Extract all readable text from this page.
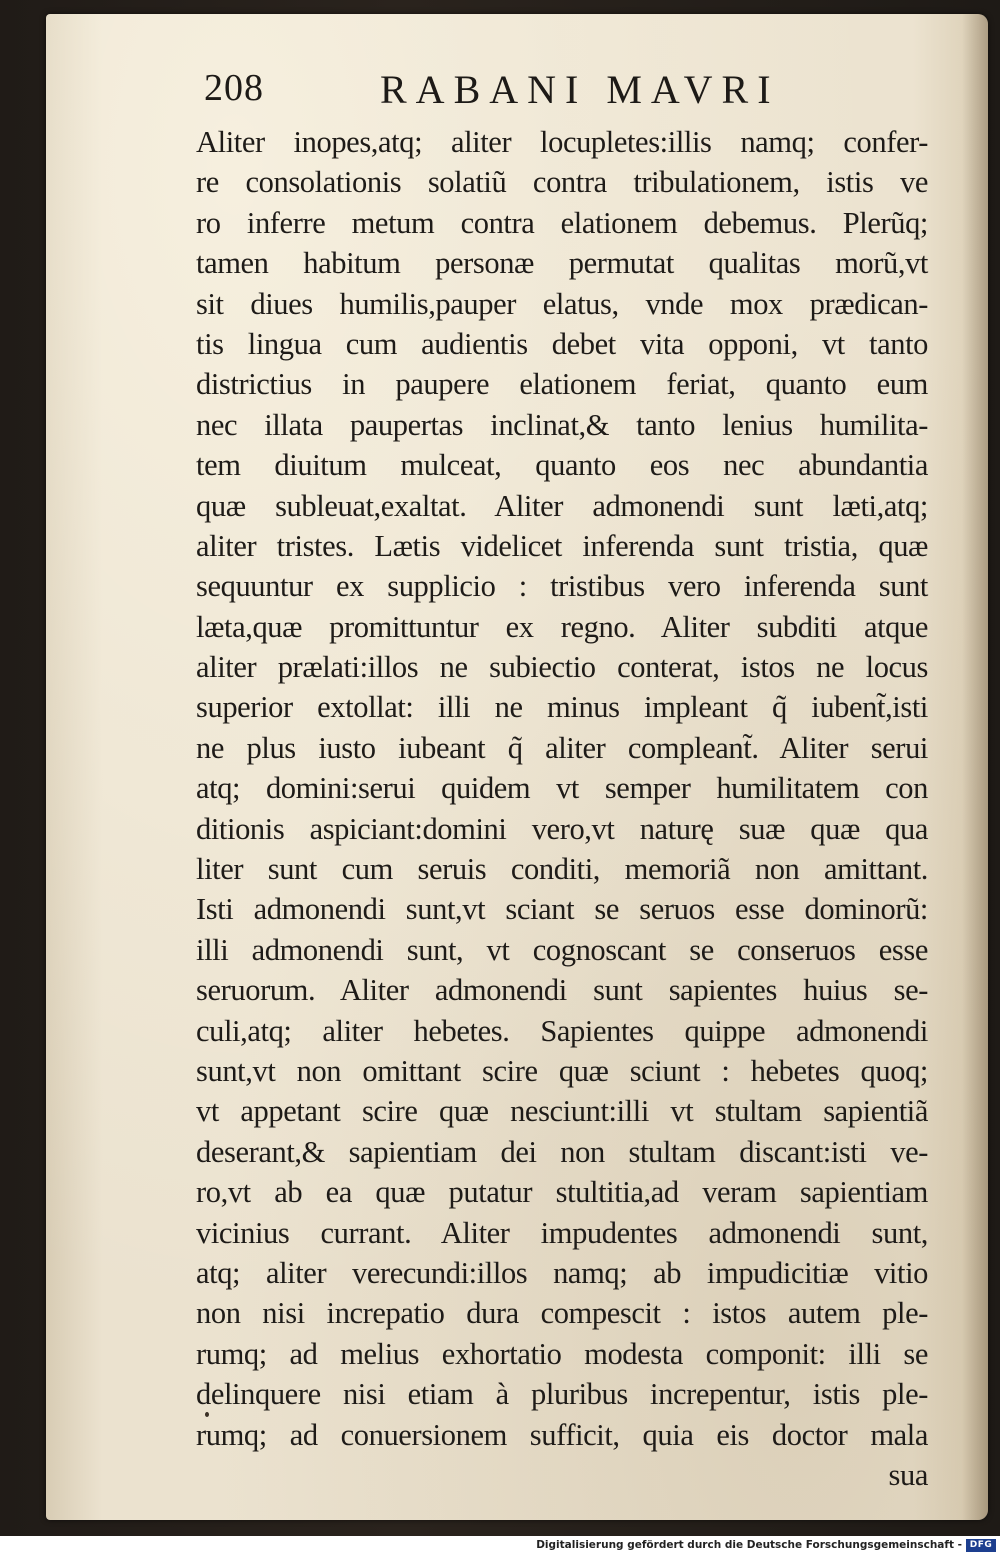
208	RABANI MAVRI
Aliter inopes,atq; aliter locupletes:illis namq; confer-
re consolationis solatiũ contra tribulationem, istis ve
ro inferre metum contra elationem debemus. Plerũq;
tamen habitum personæ permutat qualitas morũ,vt
sit diues humilis,pauper elatus, vnde mox prædican-
tis lingua cum audientis debet vita opponi, vt tanto
districtius in paupere elationem feriat, quanto eum
nec illata paupertas inclinat,& tanto lenius humilita-
tem diuitum mulceat, quanto eos nec abundantia
quæ subleuat,exaltat. Aliter admonendi sunt læti,atq;
aliter tristes. Lætis videlicet inferenda sunt tristia, quæ
sequuntur ex supplicio : tristibus vero inferenda sunt
læta,quæ promittuntur ex regno. Aliter subditi atque
aliter prælati:illos ne subiectio conterat, istos ne locus
superior extollat: illi ne minus impleant q̃ iubent̃,isti
ne plus iusto iubeant q̃ aliter compleant̃. Aliter serui
atq; domini:serui quidem vt semper humilitatem con
ditionis aspiciant:domini vero,vt naturę suæ quæ qua
liter sunt cum seruis conditi, memoriã non amittant.
Isti admonendi sunt,vt sciant se seruos esse dominorũ:
illi admonendi sunt, vt cognoscant se conseruos esse
seruorum. Aliter admonendi sunt sapientes huius se-
culi,atq; aliter hebetes. Sapientes quippe admonendi
sunt,vt non omittant scire quæ sciunt : hebetes quoq;
vt appetant scire quæ nesciunt:illi vt stultam sapientiã
deserant,& sapientiam dei non stultam discant:isti ve-
ro,vt ab ea quæ putatur stultitia,ad veram sapientiam
vicinius currant. Aliter impudentes admonendi sunt,
atq; aliter verecundi:illos namq; ab impudicitiæ vitio
non nisi increpatio dura compescit : istos autem ple-
rumq; ad melius exhortatio modesta componit: illi se
delinquere nisi etiam à pluribus increpentur, istis ple-
rumq; ad conuersionem sufficit, quia eis doctor mala
sua
Digitalisierung gefördert durch die Deutsche Forschungsgemeinschaft - DFG
